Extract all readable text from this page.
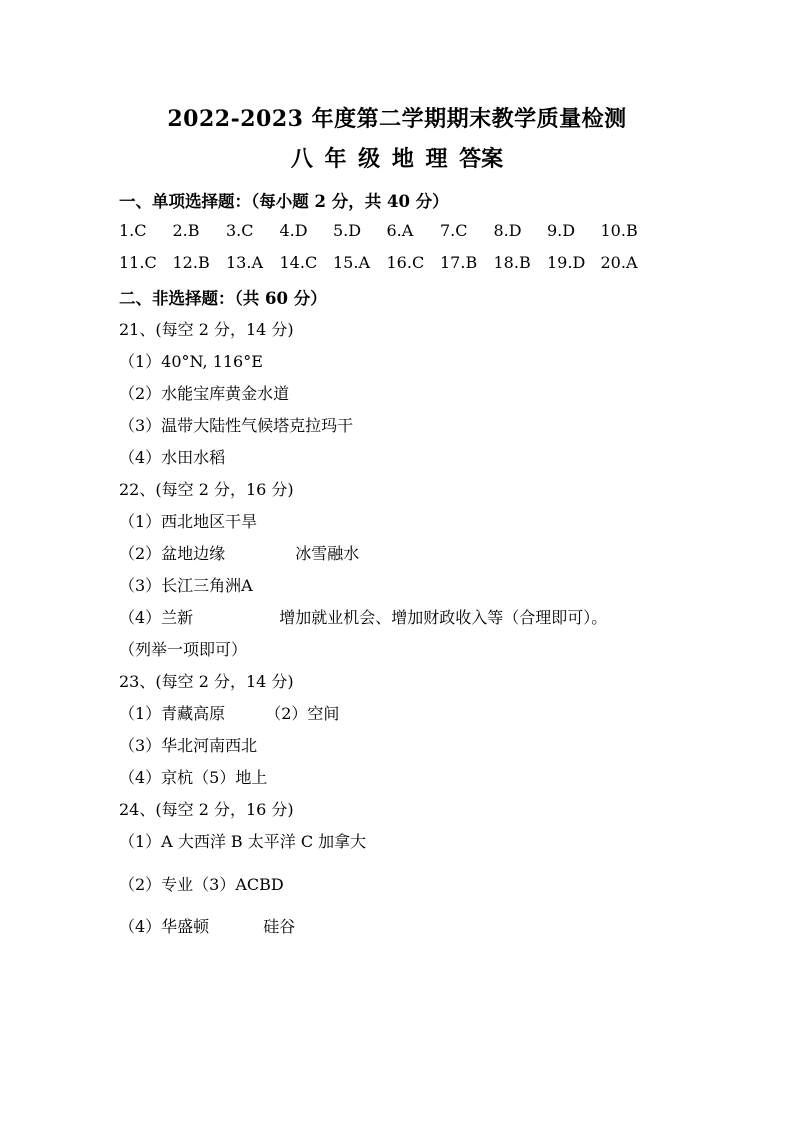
2022-2023 年度第二学期期末教学质量检测
八 年 级 地 理 答案
一、单项选择题：（每小题 2 分，共 40 分）
1.C 2.B 3.C 4.D 5.D 6.A 7.C 8.D 9.D 10.B
11.C 12.B 13.A 14.C 15.A 16.C 17.B 18.B 19.D 20.A
二、非选择题：（共 60 分）
21、(每空 2 分，14 分)
（1）40°N, 116°E
（2）水能宝库黄金水道
（3）温带大陆性气候塔克拉玛干
（4）水田水稻
22、(每空 2 分，16 分)
（1）西北地区干旱
（2）盆地边缘	冰雪融水
（3）长江三角洲A
（4）兰新	增加就业机会、增加财政收入等（合理即可）。
（列举一项即可）
23、(每空 2 分，14 分)
（1）青藏高原	（2）空间
（3）华北河南西北
（4）京杭（5）地上
24、(每空 2 分，16 分)
（1）A 大西洋 B 太平洋 C 加拿大
（2）专业（3）ACBD
（4）华盛顿	硅谷
